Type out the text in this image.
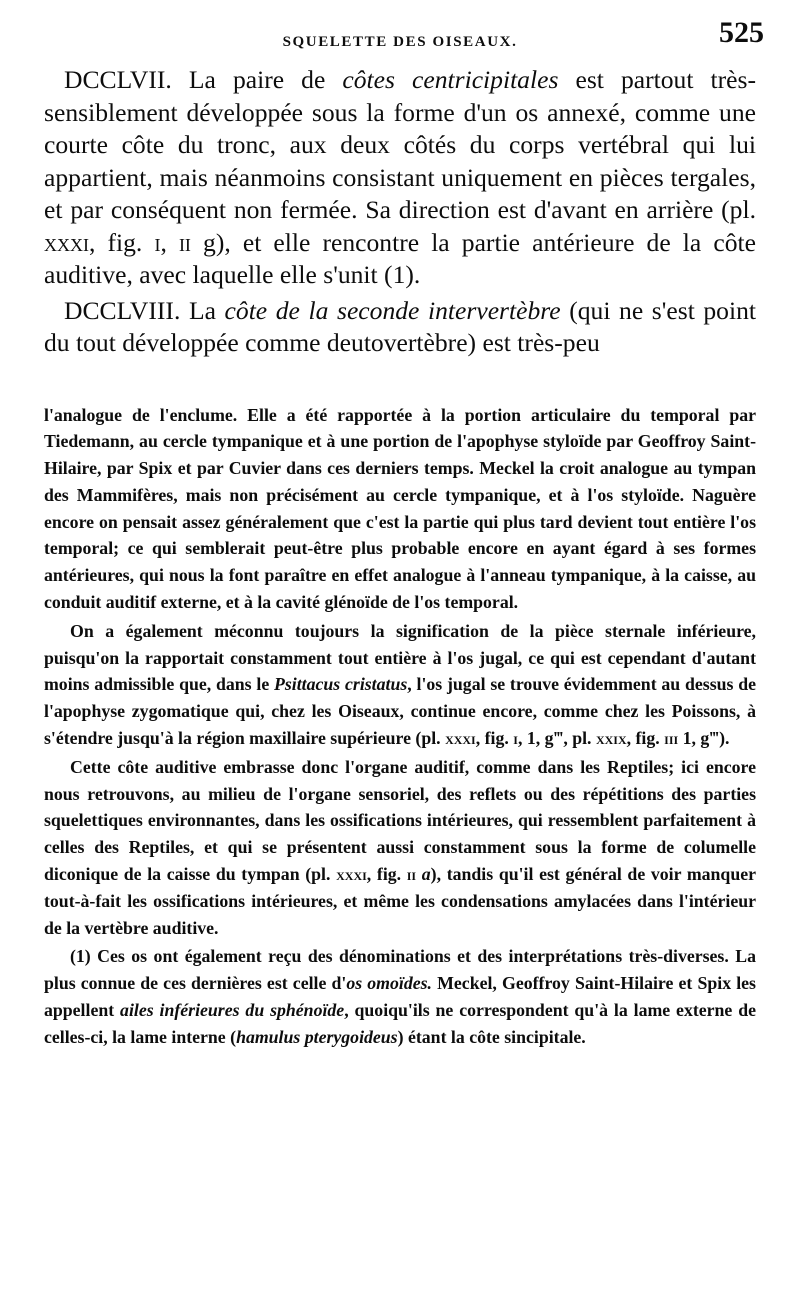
SQUELETTE DES OISEAUX.	525

DCCLVII. La paire de côtes centricipitales est partout très-sensiblement développée sous la forme d'un os annexé, comme une courte côte du tronc, aux deux côtés du corps vertébral qui lui appartient, mais néanmoins consistant uniquement en pièces tergales, et par conséquent non fermée. Sa direction est d'avant en arrière (pl. xxxi, fig. i, ii g), et elle rencontre la partie antérieure de la côte auditive, avec laquelle elle s'unit (1).

DCCLVIII. La côte de la seconde intervertèbre (qui ne s'est point du tout développée comme deutovertèbre) est très-peu

l'analogue de l'enclume. Elle a été rapportée à la portion articulaire du temporal par Tiedemann, au cercle tympanique et à une portion de l'apophyse styloïde par Geoffroy Saint-Hilaire, par Spix et par Cuvier dans ces derniers temps. Meckel la croit analogue au tympan des Mammifères, mais non précisément au cercle tympanique, et à l'os styloïde. Naguère encore on pensait assez généralement que c'est la partie qui plus tard devient tout entière l'os temporal; ce qui semblerait peut-être plus probable encore en ayant égard à ses formes antérieures, qui nous la font paraître en effet analogue à l'anneau tympanique, à la caisse, au conduit auditif externe, et à la cavité glénoïde de l'os temporal.

On a également méconnu toujours la signification de la pièce sternale inférieure, puisqu'on la rapportait constamment tout entière à l'os jugal, ce qui est cependant d'autant moins admissible que, dans le Psittacus cristatus, l'os jugal se trouve évidemment au dessus de l'apophyse zygomatique qui, chez les Oiseaux, continue encore, comme chez les Poissons, à s'étendre jusqu'à la région maxillaire supérieure (pl. xxxi, fig. i, 1, g‴, pl. xxix, fig. iii 1, g‴).

Cette côte auditive embrasse donc l'organe auditif, comme dans les Reptiles; ici encore nous retrouvons, au milieu de l'organe sensoriel, des reflets ou des répétitions des parties squelettiques environnantes, dans les ossifications intérieures, qui ressemblent parfaitement à celles des Reptiles, et qui se présentent aussi constamment sous la forme de columelle diconique de la caisse du tympan (pl. xxxi, fig. ii a), tandis qu'il est général de voir manquer tout-à-fait les ossifications intérieures, et même les condensations amylacées dans l'intérieur de la vertèbre auditive.

(1) Ces os ont également reçu des dénominations et des interprétations très-diverses. La plus connue de ces dernières est celle d'os omoïdes. Meckel, Geoffroy Saint-Hilaire et Spix les appellent ailes inférieures du sphénoïde, quoiqu'ils ne correspondent qu'à la lame externe de celles-ci, la lame interne (hamulus pterygoideus) étant la côte sincipitale.
